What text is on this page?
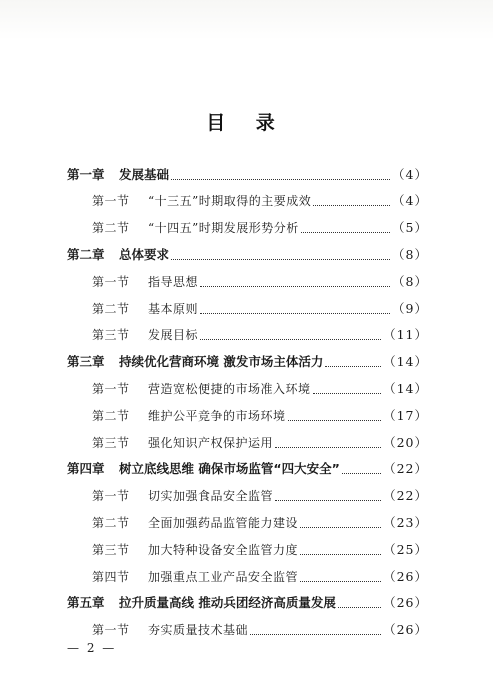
目 录
第一章	发展基础	（4）
第一节	“十三五”时期取得的主要成效	（4）
第二节	“十四五”时期发展形势分析	（5）
第二章	总体要求	（8）
第一节	指导思想	（8）
第二节	基本原则	（9）
第三节	发展目标	（11）
第三章	持续优化营商环境 激发市场主体活力	（14）
第一节	营造宽松便捷的市场准入环境	（14）
第二节	维护公平竞争的市场环境	（17）
第三节	强化知识产权保护运用	（20）
第四章	树立底线思维 确保市场监管“四大安全”	（22）
第一节	切实加强食品安全监管	（22）
第二节	全面加强药品监管能力建设	（23）
第三节	加大特种设备安全监管力度	（25）
第四节	加强重点工业产品安全监管	（26）
第五章	拉升质量高线 推动兵团经济高质量发展	（26）
第一节	夯实质量技术基础	（26）
— 2 —
